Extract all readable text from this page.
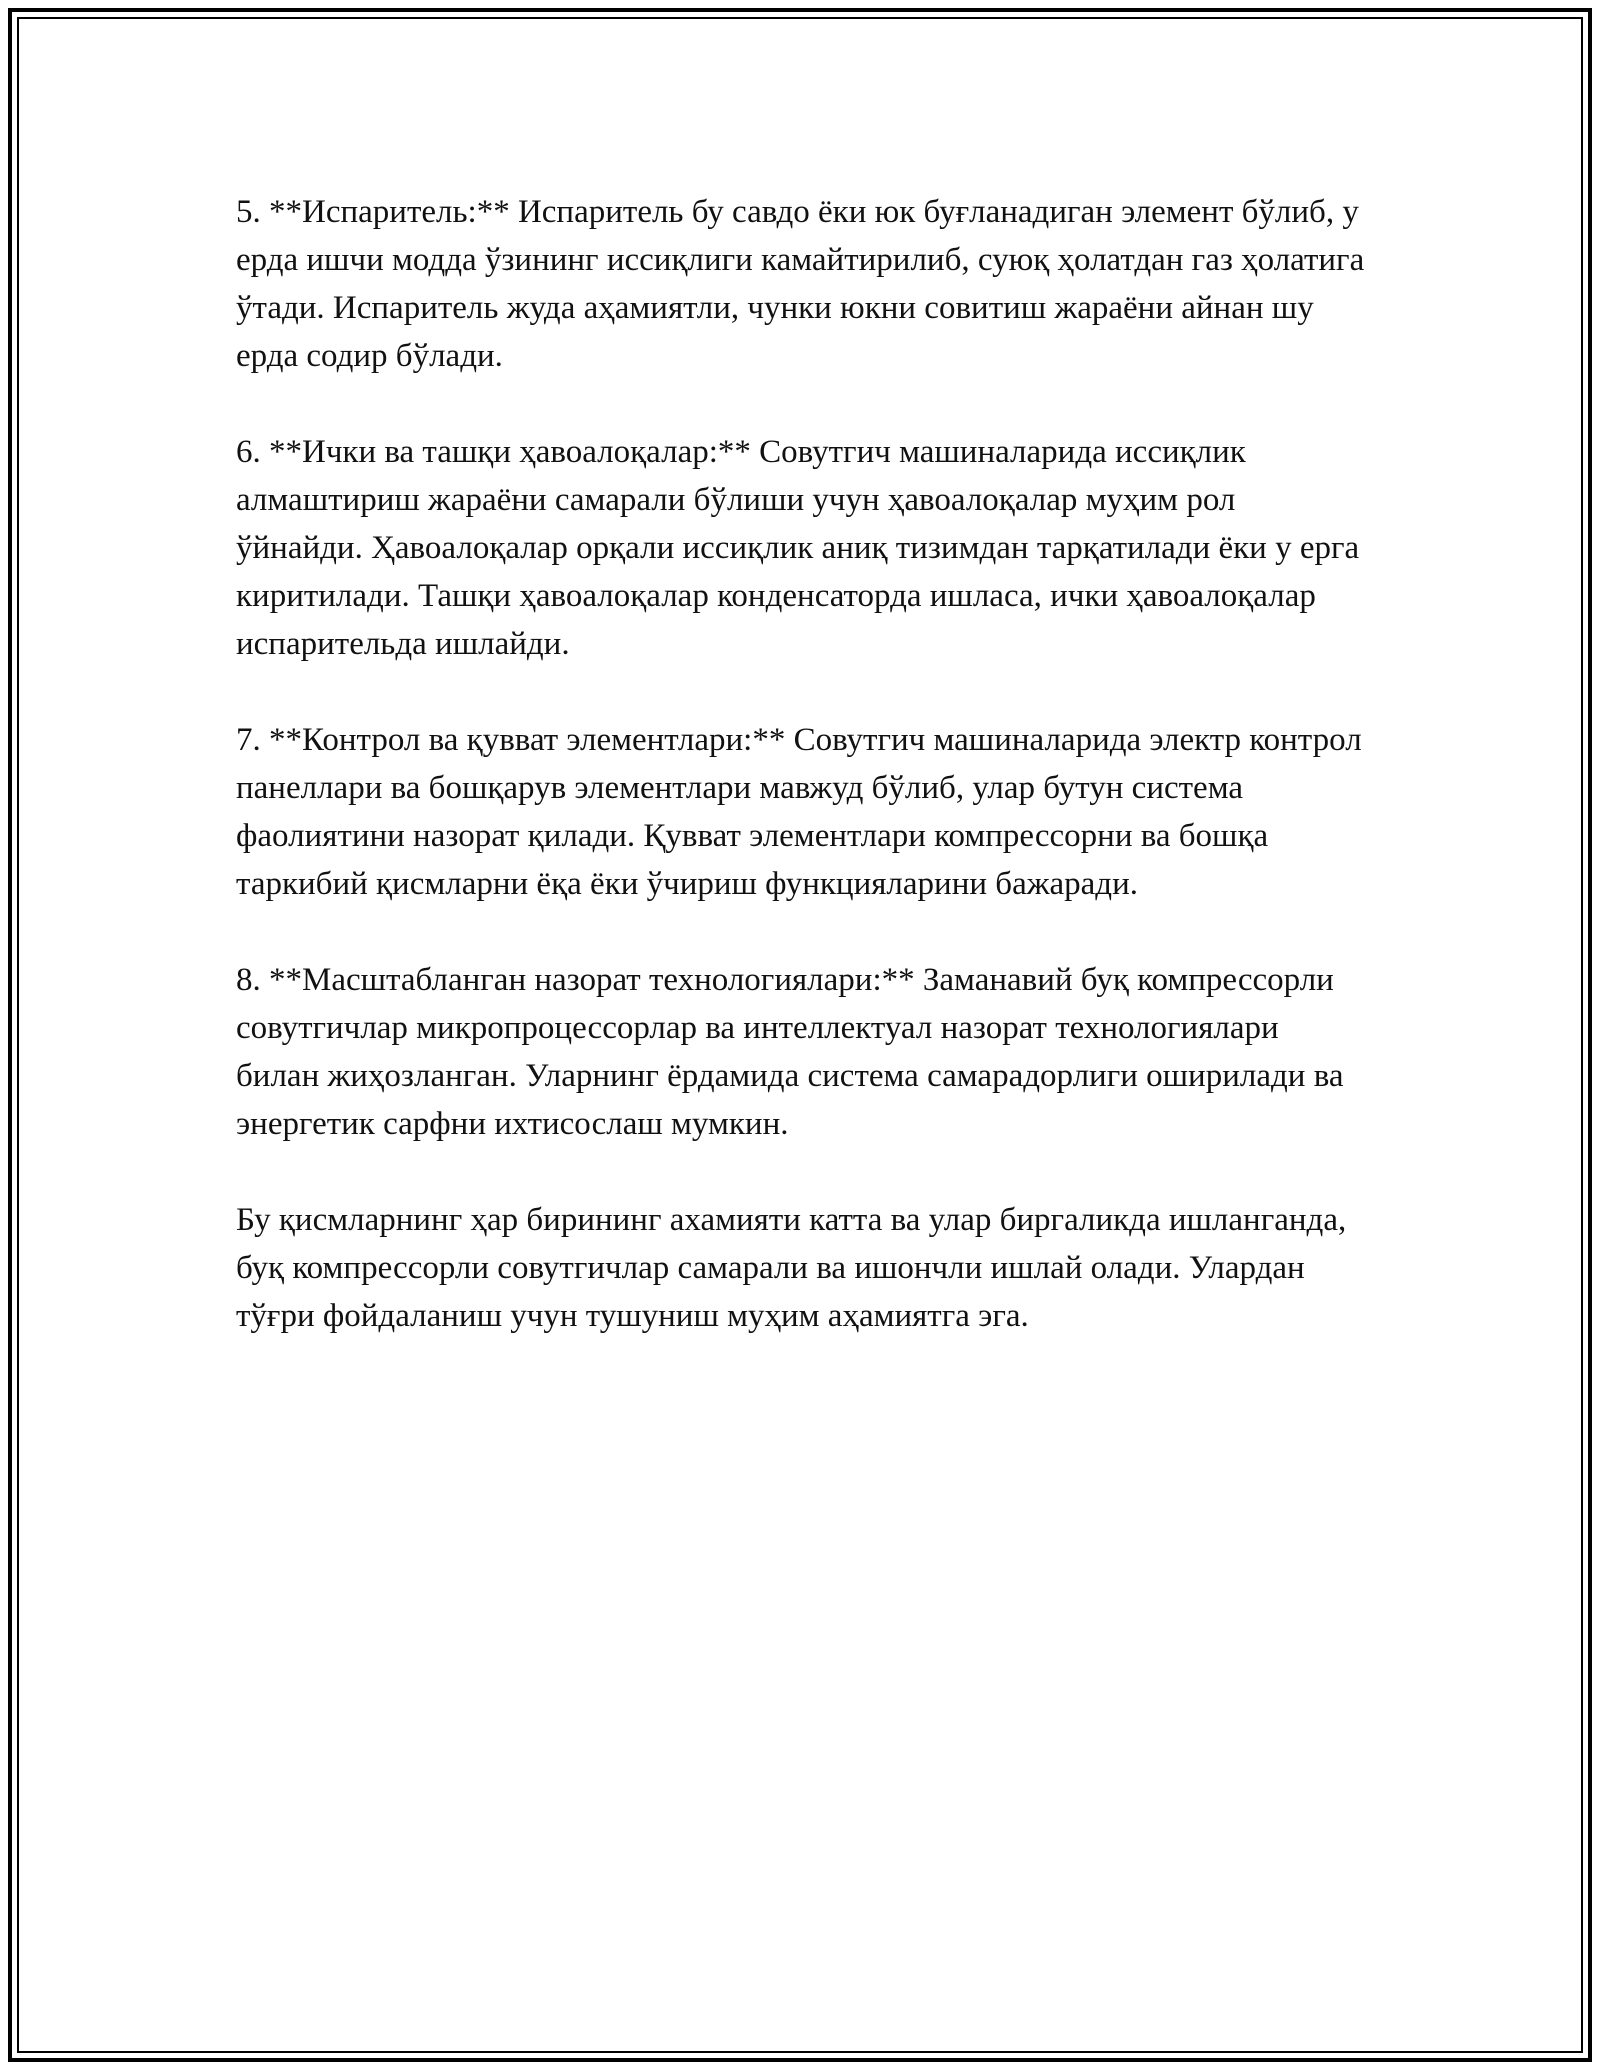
5. **Испаритель:** Испаритель бу савдо ёки юк буғланадиган элемент бўлиб, у ерда ишчи модда ўзининг иссиқлиги камайтирилиб, суюқ ҳолатдан газ ҳолатига ўтади. Испаритель жуда аҳамиятли, чунки юкни совитиш жараёни айнан шу ерда содир бўлади.

6. **Ички ва ташқи ҳавоалоқалар:** Совутгич машиналарида иссиқлик алмаштириш жараёни самарали бўлиши учун ҳавоалоқалар муҳим рол ўйнайди. Ҳавоалоқалар орқали иссиқлик аниқ тизимдан тарқатилади ёки у ерга киритилади. Ташқи ҳавоалоқалар конденсаторда ишласа, ички ҳавоалоқалар испарительда ишлайди.

7. **Контрол ва қувват элементлари:** Совутгич машиналарида электр контрол панеллари ва бошқарув элементлари мавжуд бўлиб, улар бутун система фаолиятини назорат қилади. Қувват элементлари компрессорни ва бошқа таркибий қисмларни ёқа ёки ўчириш функцияларини бажаради.

8. **Масштабланган назорат технологиялари:** Заманавий буқ компрессорли совутгичлар микропроцессорлар ва интеллектуал назорат технологиялари билан жиҳозланган. Уларнинг ёрдамида система самарадорлиги оширилади ва энергетик сарфни ихтисослаш мумкин.

Бу қисмларнинг ҳар бирининг ахамияти катта ва улар биргаликда ишланганда, буқ компрессорли совутгичлар самарали ва ишончли ишлай олади. Улардан тўғри фойдаланиш учун тушуниш муҳим аҳамиятга эга.
